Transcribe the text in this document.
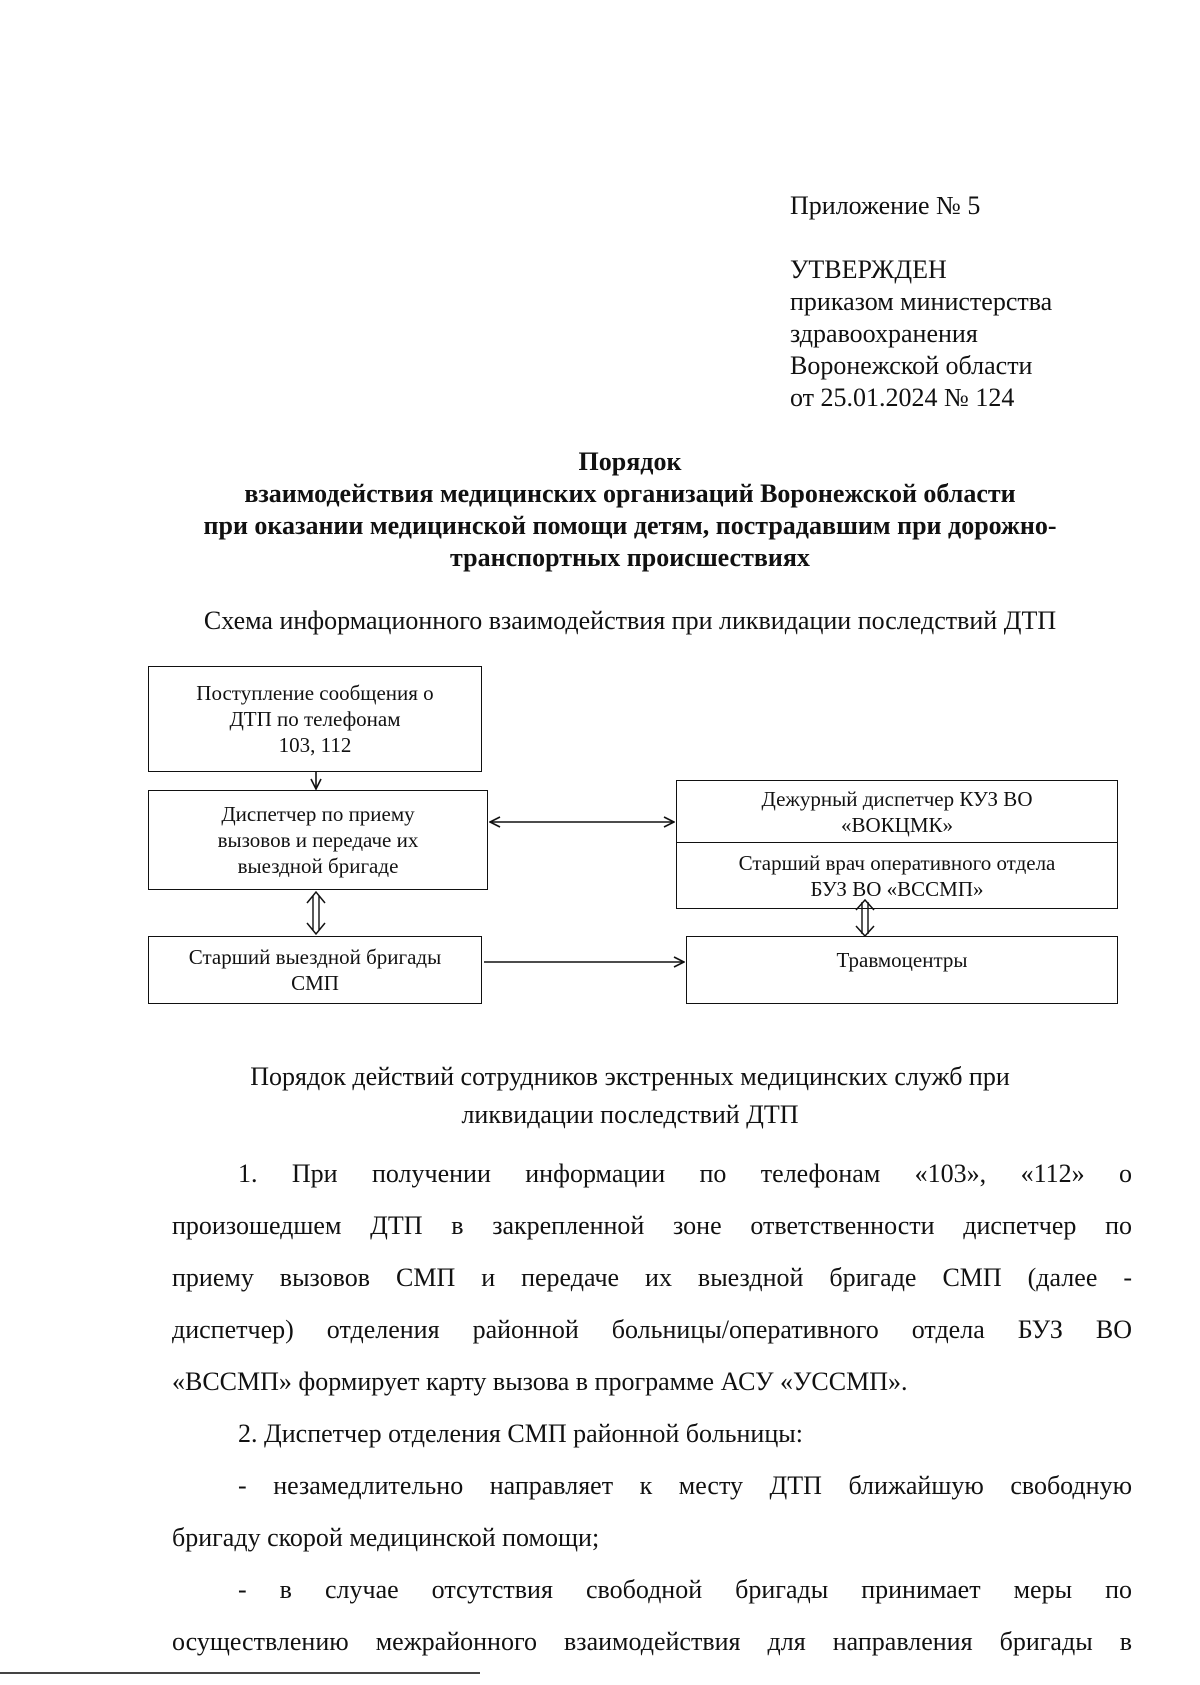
Приложение № 5
УТВЕРЖДЕН
приказом министерства
здравоохранения
Воронежской области
от 25.01.2024 № 124
Порядок
взаимодействия медицинских организаций Воронежской области
при оказании медицинской помощи детям, пострадавшим при дорожно-
транспортных происшествиях
Схема информационного взаимодействия при ликвидации последствий ДТП
Поступление сообщения о
ДТП по телефонам
103, 112
Диспетчер по приему
вызовов и передаче их
выездной бригаде
Дежурный диспетчер КУЗ ВО
«ВОКЦМК»
Старший врач оперативного отдела
БУЗ ВО «ВССМП»
Старший выездной бригады
СМП
Травмоцентры
Порядок действий сотрудников экстренных медицинских служб при
ликвидации последствий ДТП
1. При получении информации по телефонам «103», «112» о
произошедшем ДТП в закрепленной зоне ответственности диспетчер по
приему вызовов СМП и передаче их выездной бригаде СМП (далее -
диспетчер) отделения районной больницы/оперативного отдела БУЗ ВО
«ВССМП» формирует карту вызова в программе АСУ «УССМП».
2. Диспетчер отделения СМП районной больницы:
- незамедлительно направляет к месту ДТП ближайшую свободную
бригаду скорой медицинской помощи;
- в случае отсутствия свободной бригады принимает меры по
осуществлению межрайонного взаимодействия для направления бригады в
